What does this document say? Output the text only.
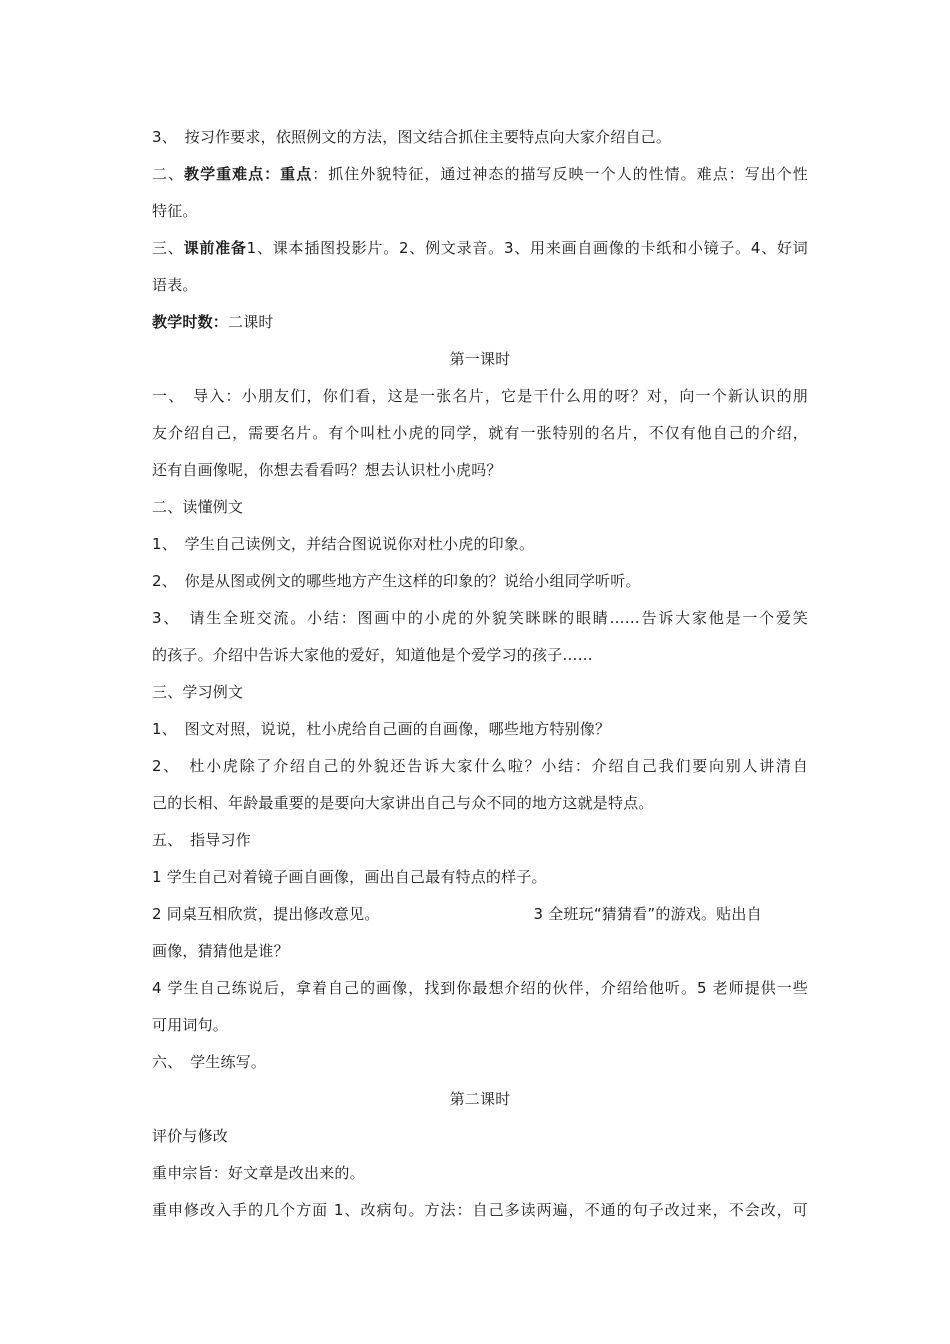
3、　按习作要求，依照例文的方法，图文结合抓住主要特点向大家介绍自己。
二、教学重难点：重点：抓住外貌特征，通过神态的描写反映一个人的性情。难点：写出个性
特征。
三、课前准备1、课本插图投影片。2、例文录音。3、用来画自画像的卡纸和小镜子。4、好词
语表。
教学时数：二课时
第一课时
一、　导入：小朋友们，你们看，这是一张名片，它是干什么用的呀？对，向一个新认识的朋
友介绍自己，需要名片。有个叫杜小虎的同学，就有一张特别的名片，不仅有他自己的介绍，
还有自画像呢，你想去看看吗？想去认识杜小虎吗？
二、读懂例文
1、　学生自己读例文，并结合图说说你对杜小虎的印象。
2、　你是从图或例文的哪些地方产生这样的印象的？说给小组同学听听。
3、　请生全班交流。小结：图画中的小虎的外貌笑眯眯的眼睛……告诉大家他是一个爱笑
的孩子。介绍中告诉大家他的爱好，知道他是个爱学习的孩子……
三、学习例文
1、　图文对照，说说，杜小虎给自己画的自画像，哪些地方特别像？
2、　杜小虎除了介绍自己的外貌还告诉大家什么啦？小结：介绍自己我们要向别人讲清自
己的长相、年龄最重要的是要向大家讲出自己与众不同的地方这就是特点。
五、　指导习作
1 学生自己对着镜子画自画像，画出自己最有特点的样子。
2 同桌互相欣赏，提出修改意见。	3 全班玩“猜猜看”的游戏。贴出自
画像，猜猜他是谁？
4 学生自己练说后，拿着自己的画像，找到你最想介绍的伙伴，介绍给他听。5 老师提供一些
可用词句。
六、　学生练写。
第二课时
评价与修改
重申宗旨：好文章是改出来的。
重申修改入手的几个方面 1、改病句。方法：自己多读两遍，不通的句子改过来，不会改，可
